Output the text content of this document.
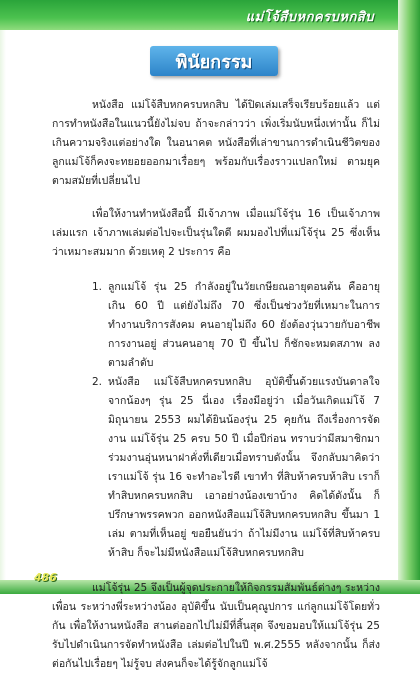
แม่โจ้สืบหกครบหกสิบ
พินัยกรรม

หนังสือ แม่โจ้สืบหกครบหกสิบ ได้ปิดเล่มเสร็จเรียบร้อยแล้ว แต่การทำหนังสือในแนวนี้ยังไม่จบ ถ้าจะกล่าวว่า เพิ่งเริ่มนับหนึ่งเท่านั้น ก็ไม่เกินความจริงแต่อย่างใด ในอนาคต หนังสือที่เล่าขานการดำเนินชีวิตของลูกแม่โจ้ก็คงจะทยอยออกมาเรื่อยๆ พร้อมกับเรื่องราวแปลกใหม่ ตามยุคตามสมัยที่เปลี่ยนไป

เพื่อให้งานทำหนังสือนี้ มีเจ้าภาพ เมื่อแม่โจ้รุ่น 16 เป็นเจ้าภาพเล่มแรก เจ้าภาพเล่มต่อไปจะเป็นรุ่นใดดี ผมมองไปที่แม่โจ้รุ่น 25 ซึ่งเห็นว่าเหมาะสมมาก ด้วยเหตุ 2 ประการ คือ

1. ลูกแม่โจ้ รุ่น 25 กำลังอยู่ในวัยเกษียณอายุตอนต้น คืออายุเกิน 60 ปี แต่ยังไม่ถึง 70 ซึ่งเป็นช่วงวัยที่เหมาะในการทำงานบริการสังคม คนอายุไม่ถึง 60 ยังต้องวุ่นวายกับอาชีพการงานอยู่ ส่วนคนอายุ 70 ปี ขึ้นไป ก็ชักจะหมดสภาพ ลงตามลำดับ
2. หนังสือ แม่โจ้สืบหกครบหกสิบ อุบัติขึ้นด้วยแรงบันดาลใจ จากน้องๆ รุ่น 25 นี่เอง เรื่องมีอยู่ว่า เมื่อวันเกิดแม่โจ้ 7 มิถุนายน 2553 ผมได้ยินน้องรุ่น 25 คุยกัน ถึงเรื่องการจัดงาน แม่โจ้รุ่น 25 ครบ 50 ปี เมื่อปีก่อน ทราบว่ามีสมาชิกมาร่วมงานอุ่นหนาฝาคั่งที่เดียวเมื่อทราบดังนั้น จึงกลับมาคิดว่าเราแม่โจ้ รุ่น 16 จะทำอะไรดี เขาทำ ที่สิบห้าครบห้าสิบ เราก็ทำสิบหกครบหกสิบ เอาอย่างน้องเขาบ้าง คิดได้ดังนั้น ก็ปรึกษาพรรคพวก ออกหนังสือแม่โจ้สิบหกครบหกสิบ ขึ้นมา 1 เล่ม ตามที่เห็นอยู่ ขอยืนยันว่า ถ้าไม่มีงาน แม่โจ้ที่สิบห้าครบห้าสิบ ก็จะไม่มีหนังสือแม่โจ้สิบหกครบหกสิบ

แม่โจ้รุ่น 25 จึงเป็นผู้จุดประกายให้กิจกรรมสัมพันธ์ต่างๆ ระหว่างเพื่อน ระหว่างพี่ระหว่างน้อง อุบัติขึ้น นับเป็นคุณูปการ แก่ลูกแม่โจ้โดยทั่วกัน เพื่อให้งานหนังสือ สานต่ออกไปไม่มีที่สิ้นสุด จึงขอมอบให้แม่โจ้รุ่น 25 รับไปดำเนินการจัดทำหนังสือ เล่มต่อไปในปี พ.ศ.2555 หลังจากนั้น ก็ส่งต่อกันไปเรื่อยๆ ไม่รู้จบ ส่งคนก็จะได้รู้จักลูกแม่โจ้

486
